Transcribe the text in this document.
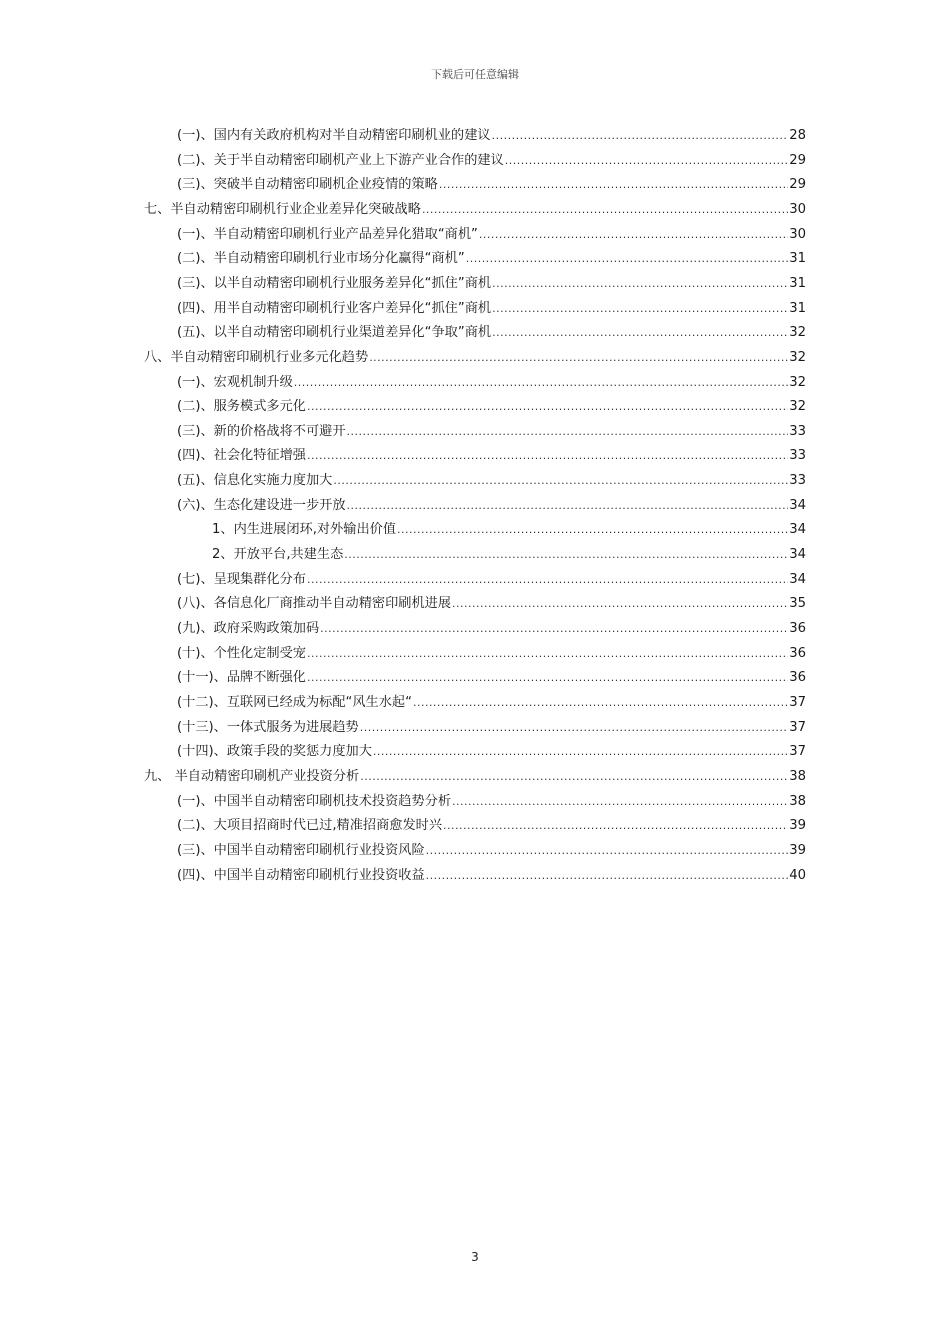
下载后可任意编辑
(一)、国内有关政府机构对半自动精密印刷机业的建议 .....	28
(二)、关于半自动精密印刷机产业上下游产业合作的建议 .....	29
(三)、突破半自动精密印刷机企业疫情的策略 .....	29
七、半自动精密印刷机行业企业差异化突破战略 .....	30
(一)、半自动精密印刷机行业产品差异化猎取“商机” .....	30
(二)、半自动精密印刷机行业市场分化赢得“商机” .....	31
(三)、以半自动精密印刷机行业服务差异化“抓住”商机 .....	31
(四)、用半自动精密印刷机行业客户差异化“抓住”商机 .....	31
(五)、以半自动精密印刷机行业渠道差异化“争取”商机 .....	32
八、半自动精密印刷机行业多元化趋势 .....	32
(一)、宏观机制升级 .....	32
(二)、服务模式多元化 .....	32
(三)、新的价格战将不可避开 .....	33
(四)、社会化特征增强 .....	33
(五)、信息化实施力度加大 .....	33
(六)、生态化建设进一步开放 .....	34
1、内生进展闭环,对外输出价值 .....	34
2、开放平台,共建生态 .....	34
(七)、呈现集群化分布 .....	34
(八)、各信息化厂商推动半自动精密印刷机进展 .....	35
(九)、政府采购政策加码 .....	36
(十)、个性化定制受宠 .....	36
(十一)、品牌不断强化 .....	36
(十二)、互联网已经成为标配“风生水起“ .....	37
(十三)、一体式服务为进展趋势 .....	37
(十四)、政策手段的奖惩力度加大 .....	37
九、 半自动精密印刷机产业投资分析 .....	38
(一)、中国半自动精密印刷机技术投资趋势分析 .....	38
(二)、大项目招商时代已过,精准招商愈发时兴 .....	39
(三)、中国半自动精密印刷机行业投资风险 .....	39
(四)、中国半自动精密印刷机行业投资收益 .....	40
3
